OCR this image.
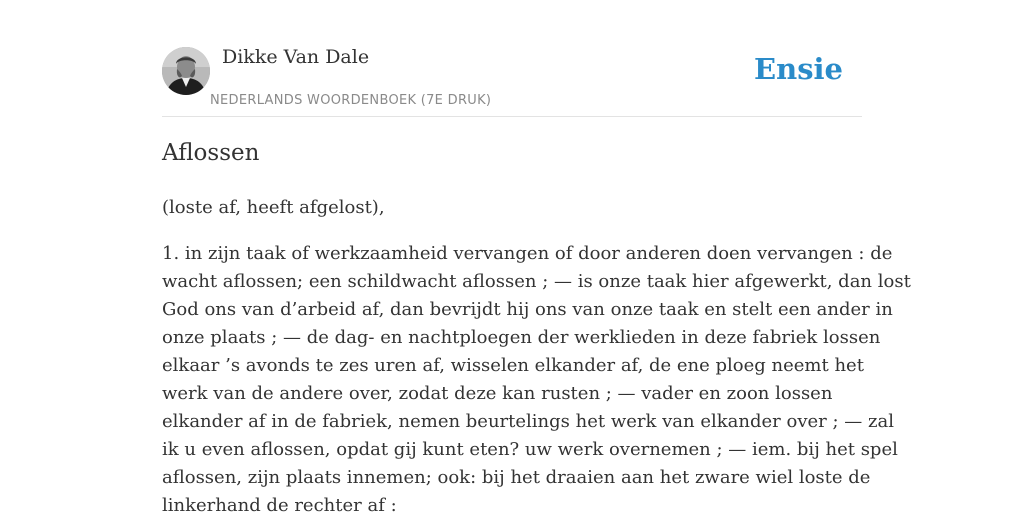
Dikke Van Dale
NEDERLANDS WOORDENBOEK (7E DRUK)
Ensie
Aflossen

(loste af, heeft afgelost),

1. in zijn taak of werkzaamheid vervangen of door anderen doen vervangen : de
wacht aflossen; een schildwacht aflossen ; — is onze taak hier afgewerkt, dan lost
God ons van d’arbeid af, dan bevrijdt hij ons van onze taak en stelt een ander in
onze plaats ; — de dag- en nachtploegen der werklieden in deze fabriek lossen
elkaar ’s avonds te zes uren af, wisselen elkander af, de ene ploeg neemt het
werk van de andere over, zodat deze kan rusten ; — vader en zoon lossen
elkander af in de fabriek, nemen beurtelings het werk van elkander over ; — zal
ik u even aflossen, opdat gij kunt eten? uw werk overnemen ; — iem. bij het spel
aflossen, zijn plaats innemen; ook: bij het draaien aan het zware wiel loste de
linkerhand de rechter af :
